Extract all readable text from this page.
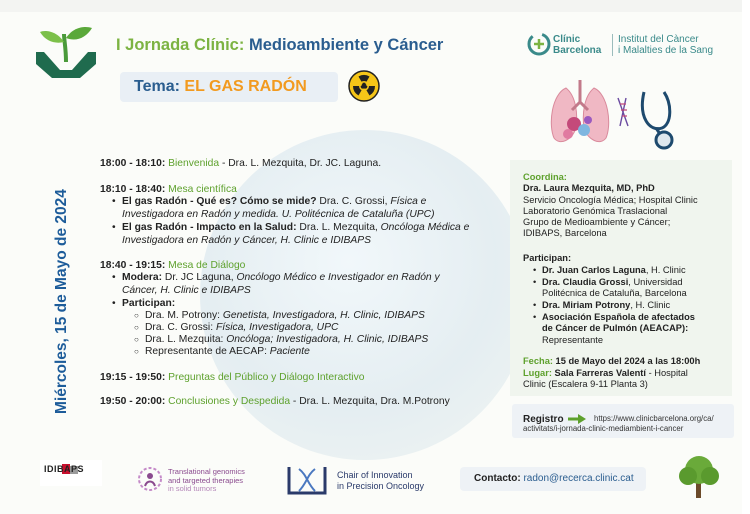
I Jornada Clínic: Medioambiente y Cáncer
Tema: EL GAS RADÓN
Clínic
Barcelona
Institut del Càncer
i Malalties de la Sang
Miércoles, 15 de Mayo de 2024
18:00 - 18:10: Bienvenida - Dra. L. Mezquita, Dr. JC. Laguna.
18:10 - 18:40: Mesa científica
• El gas Radón - Qué es? Cómo se mide? Dra. C. Grossi, Física e
Investigadora en Radón y medida. U. Politécnica de Cataluña (UPC)
• El gas Radón - Impacto en la Salud: Dra. L. Mezquita, Oncóloga Médica e
Investigadora en Radón y Cáncer, H. Clinic e IDIBAPS
18:40 - 19:15: Mesa de Diálogo
• Modera: Dr. JC Laguna, Oncólogo Médico e Investigador en Radón y
Cáncer, H. Clinic e IDIBAPS
• Participan:
○ Dra. M. Potrony: Genetista, Investigadora, H. Clinic, IDIBAPS
○ Dra. C. Grossi: Física, Investigadora, UPC
○ Dra. L. Mezquita: Oncóloga; Investigadora, H. Clinic, IDIBAPS
○ Representante de AECAP: Paciente
19:15 - 19:50: Preguntas del Público y Diálogo Interactivo
19:50 - 20:00: Conclusiones y Despedida - Dra. L. Mezquita, Dra. M.Potrony
Coordina:
Dra. Laura Mezquita, MD, PhD
Servicio Oncología Médica; Hospital Clinic
Laboratorio Genómica Traslacional
Grupo de Medioambiente y Cáncer;
IDIBAPS, Barcelona
Participan:
• Dr. Juan Carlos Laguna, H. Clinic
• Dra. Claudia Grossi, Universidad
Politécnica de Cataluña, Barcelona
• Dra. Miriam Potrony, H. Clinic
• Asociación Española de afectados
de Cáncer de Pulmón (AEACAP):
Representante
Fecha: 15 de Mayo del 2024 a las 18:00h
Lugar: Sala Farreras Valentí - Hospital
Clinic (Escalera 9-11 Planta 3)
Registro	https://www.clinicbarcelona.org/ca/
activitats/i-jornada-clinic-mediambient-i-cancer
IDIBAPS	Translational genomics
and targeted therapies
in solid tumors
Chair of Innovation
in Precision Oncology
Contacto: radon@recerca.clinic.cat
